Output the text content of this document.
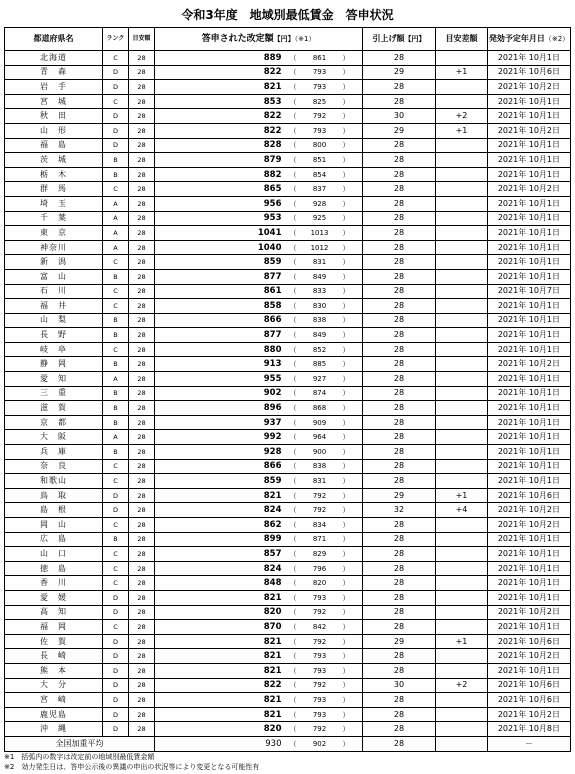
令和3年度　地域別最低賃金　答申状況
都道府県名	ランク	目安額	答申された改定額【円】（※1）		引上げ額【円】	目安差額	発効予定年月日（※2）
北海道	C	28	889	（ 861 ）	28		2021年 10月1日
青　森	D	28	822	（ 793 ）	29	+1	2021年 10月6日
岩　手	D	28	821	（ 793 ）	28		2021年 10月2日
宮　城	C	28	853	（ 825 ）	28		2021年 10月1日
秋　田	D	28	822	（ 792 ）	30	+2	2021年 10月1日
山　形	D	28	822	（ 793 ）	29	+1	2021年 10月2日
福　島	D	28	828	（ 800 ）	28		2021年 10月1日
茨　城	B	28	879	（ 851 ）	28		2021年 10月1日
栃　木	B	28	882	（ 854 ）	28		2021年 10月1日
群　馬	C	28	865	（ 837 ）	28		2021年 10月2日
埼　玉	A	28	956	（ 928 ）	28		2021年 10月1日
千　葉	A	28	953	（ 925 ）	28		2021年 10月1日
東　京	A	28	1041	（ 1013 ）	28		2021年 10月1日
神奈川	A	28	1040	（ 1012 ）	28		2021年 10月1日
新　潟	C	28	859	（ 831 ）	28		2021年 10月1日
富　山	B	28	877	（ 849 ）	28		2021年 10月1日
石　川	C	28	861	（ 833 ）	28		2021年 10月7日
福　井	C	28	858	（ 830 ）	28		2021年 10月1日
山　梨	B	28	866	（ 838 ）	28		2021年 10月1日
長　野	B	28	877	（ 849 ）	28		2021年 10月1日
岐　阜	C	28	880	（ 852 ）	28		2021年 10月1日
静　岡	B	28	913	（ 885 ）	28		2021年 10月2日
愛　知	A	28	955	（ 927 ）	28		2021年 10月1日
三　重	B	28	902	（ 874 ）	28		2021年 10月1日
滋　賀	B	28	896	（ 868 ）	28		2021年 10月1日
京　都	B	28	937	（ 909 ）	28		2021年 10月1日
大　阪	A	28	992	（ 964 ）	28		2021年 10月1日
兵　庫	B	28	928	（ 900 ）	28		2021年 10月1日
奈　良	C	28	866	（ 838 ）	28		2021年 10月1日
和歌山	C	28	859	（ 831 ）	28		2021年 10月1日
鳥　取	D	28	821	（ 792 ）	29	+1	2021年 10月6日
島　根	D	28	824	（ 792 ）	32	+4	2021年 10月2日
岡　山	C	28	862	（ 834 ）	28		2021年 10月2日
広　島	B	28	899	（ 871 ）	28		2021年 10月1日
山　口	C	28	857	（ 829 ）	28		2021年 10月1日
徳　島	C	28	824	（ 796 ）	28		2021年 10月1日
香　川	C	28	848	（ 820 ）	28		2021年 10月1日
愛　媛	D	28	821	（ 793 ）	28		2021年 10月1日
高　知	D	28	820	（ 792 ）	28		2021年 10月2日
福　岡	C	28	870	（ 842 ）	28		2021年 10月1日
佐　賀	D	28	821	（ 792 ）	29	+1	2021年 10月6日
長　崎	D	28	821	（ 793 ）	28		2021年 10月2日
熊　本	D	28	821	（ 793 ）	28		2021年 10月1日
大　分	D	28	822	（ 792 ）	30	+2	2021年 10月6日
宮　崎	D	28	821	（ 793 ）	28		2021年 10月6日
鹿児島	D	28	821	（ 793 ）	28		2021年 10月2日
沖　縄	D	28	820	（ 792 ）	28		2021年 10月8日
全国加重平均			930	（ 902 ）	28		－
※1　括弧内の数字は改定前の地域別最低賃金額
※2　効力発生日は、答申公示後の異議の申出の状況等により変更となる可能性有
